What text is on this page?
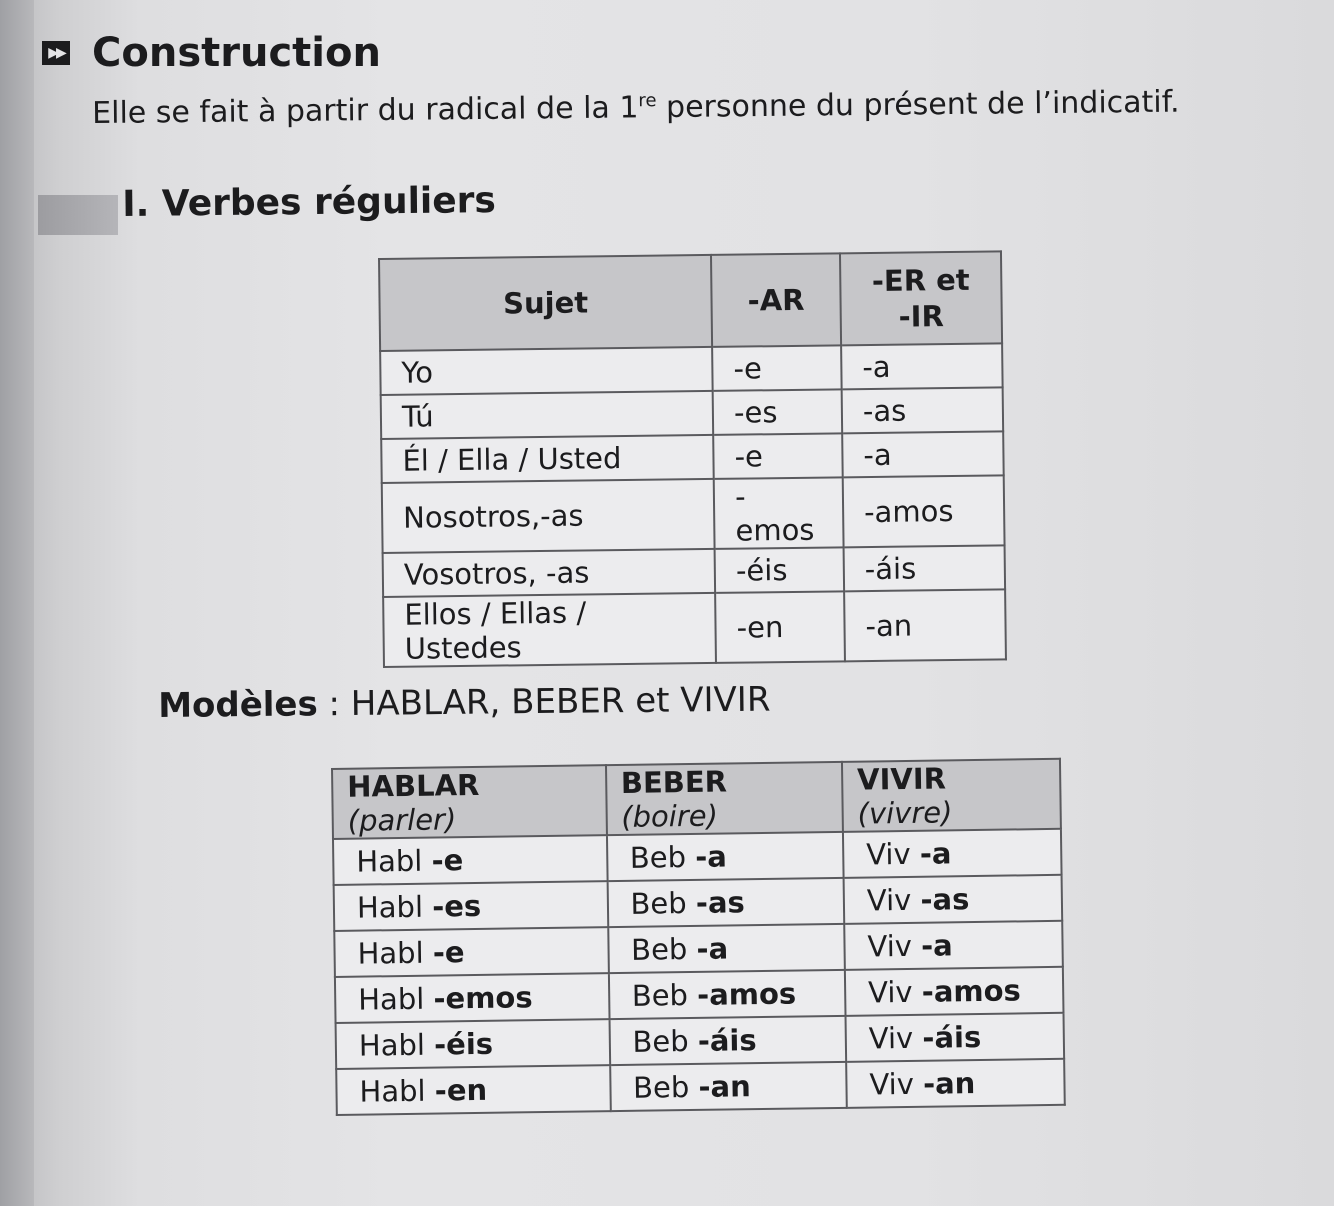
▶▶ Construction
Elle se fait à partir du radical de la 1re personne du présent de l’indicatif.
I. Verbes réguliers
Sujet	-AR	-ER et
-IR
Yo	-e	-a
Tú	-es	-as
Él / Ella / Usted	-e	-a
Nosotros,-as	-emos	-amos
Vosotros, -as	-éis	-áis
Ellos / Ellas / Ustedes	-en	-an
Modèles : HABLAR, BEBER et VIVIR
HABLAR (parler)	BEBER (boire)	VIVIR (vivre)
Habl -e	Beb -a	Viv -a
Habl -es	Beb -as	Viv -as
Habl -e	Beb -a	Viv -a
Habl -emos	Beb -amos	Viv -amos
Habl -éis	Beb -áis	Viv -áis
Habl -en	Beb -an	Viv -an
